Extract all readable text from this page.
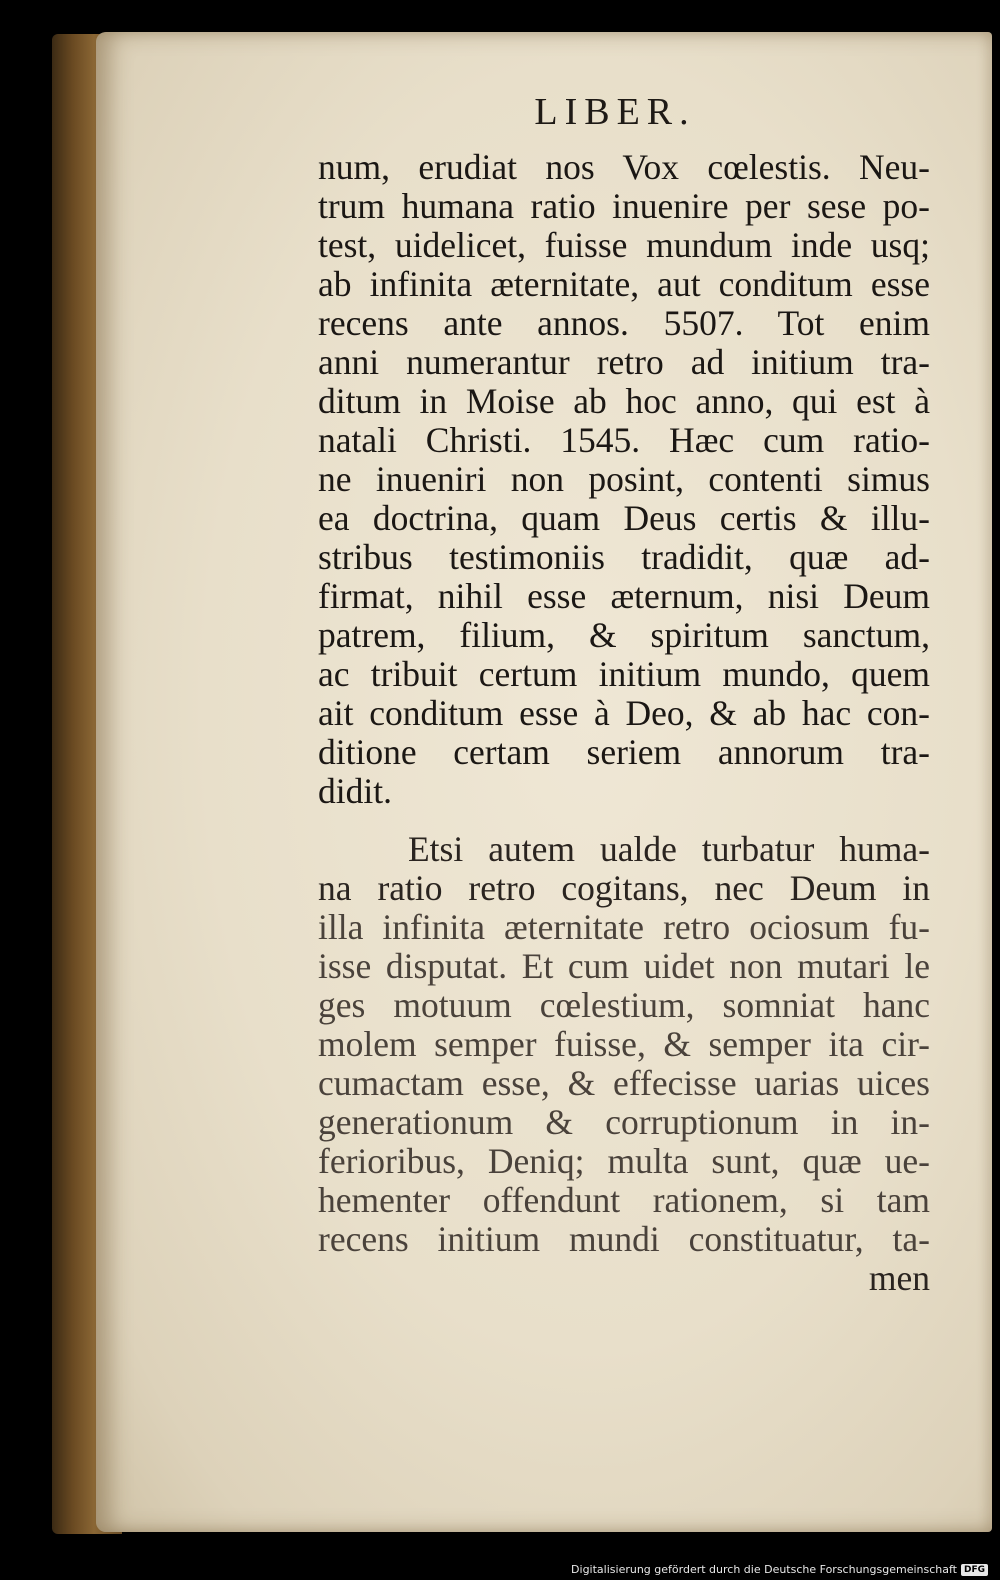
LIBER.
num, erudiat nos Vox cœlestis. Neu-
trum humana ratio inuenire per sese po-
test, uidelicet, fuisse mundum inde usq;
ab infinita æternitate, aut conditum esse
recens ante annos. 5507. Tot enim
anni numerantur retro ad initium tra-
ditum in Moise ab hoc anno, qui est à
natali Christi. 1545. Hæc cum ratio-
ne inueniri non posint, contenti simus
ea doctrina, quam Deus certis & illu-
stribus testimoniis tradidit, quæ ad-
firmat, nihil esse æternum, nisi Deum
patrem, filium, & spiritum sanctum,
ac tribuit certum initium mundo, quem
ait conditum esse à Deo, & ab hac con-
ditione certam seriem annorum tra-
didit.
Etsi autem ualde turbatur huma-
na ratio retro cogitans, nec Deum in
illa infinita æternitate retro ociosum fu-
isse disputat. Et cum uidet non mutari le
ges motuum cœlestium, somniat hanc
molem semper fuisse, & semper ita cir-
cumactam esse, & effecisse uarias uices
generationum & corruptionum in in-
ferioribus, Deniq; multa sunt, quæ ue-
hementer offendunt rationem, si tam
recens initium mundi constituatur, ta-
men
Digitalisierung gefördert durch die Deutsche Forschungsgemeinschaft DFG
